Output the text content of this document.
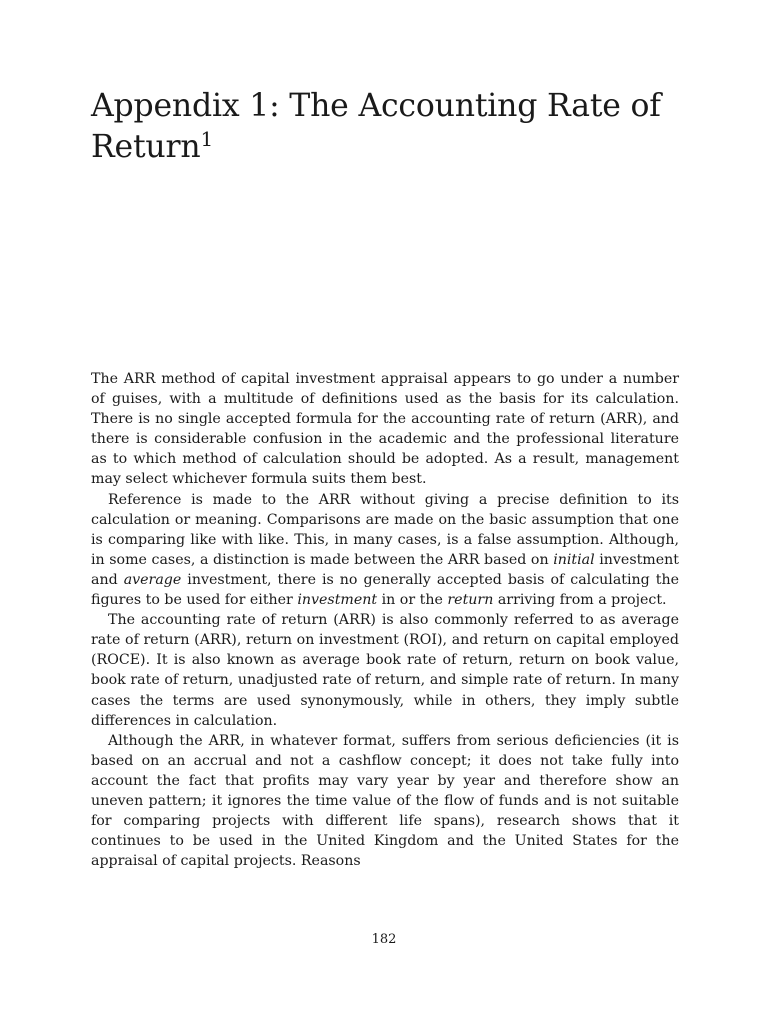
Appendix 1: The Accounting Rate of Return$^1$

The ARR method of capital investment appraisal appears to go under a number of guises, with a multitude of definitions used as the basis for its calculation. There is no single accepted formula for the accounting rate of return (ARR), and there is considerable confusion in the academic and the professional literature as to which method of calculation should be adopted. As a result, management may select whichever formula suits them best.

Reference is made to the ARR without giving a precise definition to its calculation or meaning. Comparisons are made on the basic assumption that one is comparing like with like. This, in many cases, is a false assumption. Although, in some cases, a distinction is made between the ARR based on initial investment and average investment, there is no generally accepted basis of calculating the figures to be used for either investment in or the return arriving from a project.

The accounting rate of return (ARR) is also commonly referred to as average rate of return (ARR), return on investment (ROI), and return on capital employed (ROCE). It is also known as average book rate of return, return on book value, book rate of return, unadjusted rate of return, and simple rate of return. In many cases the terms are used synonymously, while in others, they imply subtle differences in calculation.

Although the ARR, in whatever format, suffers from serious deficiencies (it is based on an accrual and not a cashflow concept; it does not take fully into account the fact that profits may vary year by year and therefore show an uneven pattern; it ignores the time value of the flow of funds and is not suitable for comparing projects with different life spans), research shows that it continues to be used in the United Kingdom and the United States for the appraisal of capital projects. Reasons

182
